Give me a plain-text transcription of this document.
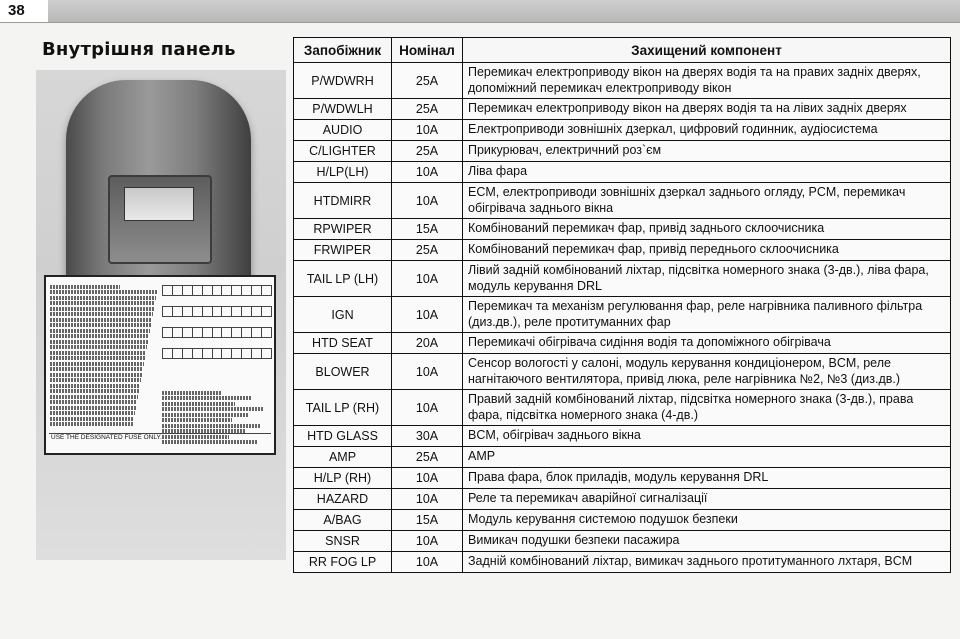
38
Внутрішня панель

USE THE DESIGNATED FUSE ONLY.
Запобіжник	Номінал	Захищений компонент
P/WDWRH	25A	Перемикач електроприводу вікон на дверях водія та на правих задніх дверях, допоміжний перемикач електроприводу вікон
P/WDWLH	25A	Перемикач електроприводу вікон на дверях водія та на лівих задніх дверях
AUDIO	10A	Електроприводи зовнішніх дзеркал, цифровий годинник, аудіосистема
C/LIGHTER	25A	Прикурювач, електричний роз`єм
H/LP(LH)	10A	Ліва фара
HTDMIRR	10A	ECM, електроприводи зовнішніх дзеркал заднього огляду, PCM, перемикач обігрівача заднього вікна
RPWIPER	15A	Комбінований перемикач фар, привід заднього склоочисника
FRWIPER	25A	Комбінований перемикач фар, привід переднього склоочисника
TAIL LP (LH)	10A	Лівий задній комбінований ліхтар, підсвітка номерного знака (3-дв.), ліва фара, модуль керування DRL
IGN	10A	Перемикач та механізм регулювання фар, реле нагрівника паливного фільтра (диз.дв.), реле протитуманних фар
HTD SEAT	20A	Перемикачі обігрівача сидіння водія та допоміжного обігрівача
BLOWER	10A	Сенсор вологості у салоні, модуль керування кондиціонером, BCM, реле нагнітаючого вентилятора, привід люка, реле нагрівника №2, №3 (диз.дв.)
TAIL LP (RH)	10A	Правий задній комбінований ліхтар, підсвітка номерного знака (3-дв.), права фара, підсвітка номерного знака (4-дв.)
HTD GLASS	30A	BCM, обігрівач заднього вікна
AMP	25A	AMP
H/LP (RH)	10A	Права фара, блок приладів, модуль керування DRL
HAZARD	10A	Реле та перемикач аварійної сигналізації
A/BAG	15A	Модуль керування системою подушок безпеки
SNSR	10A	Вимикач подушки безпеки пасажира
RR FOG LP	10A	Задній комбінований ліхтар, вимикач заднього протитуманного лхтаря, BCM
